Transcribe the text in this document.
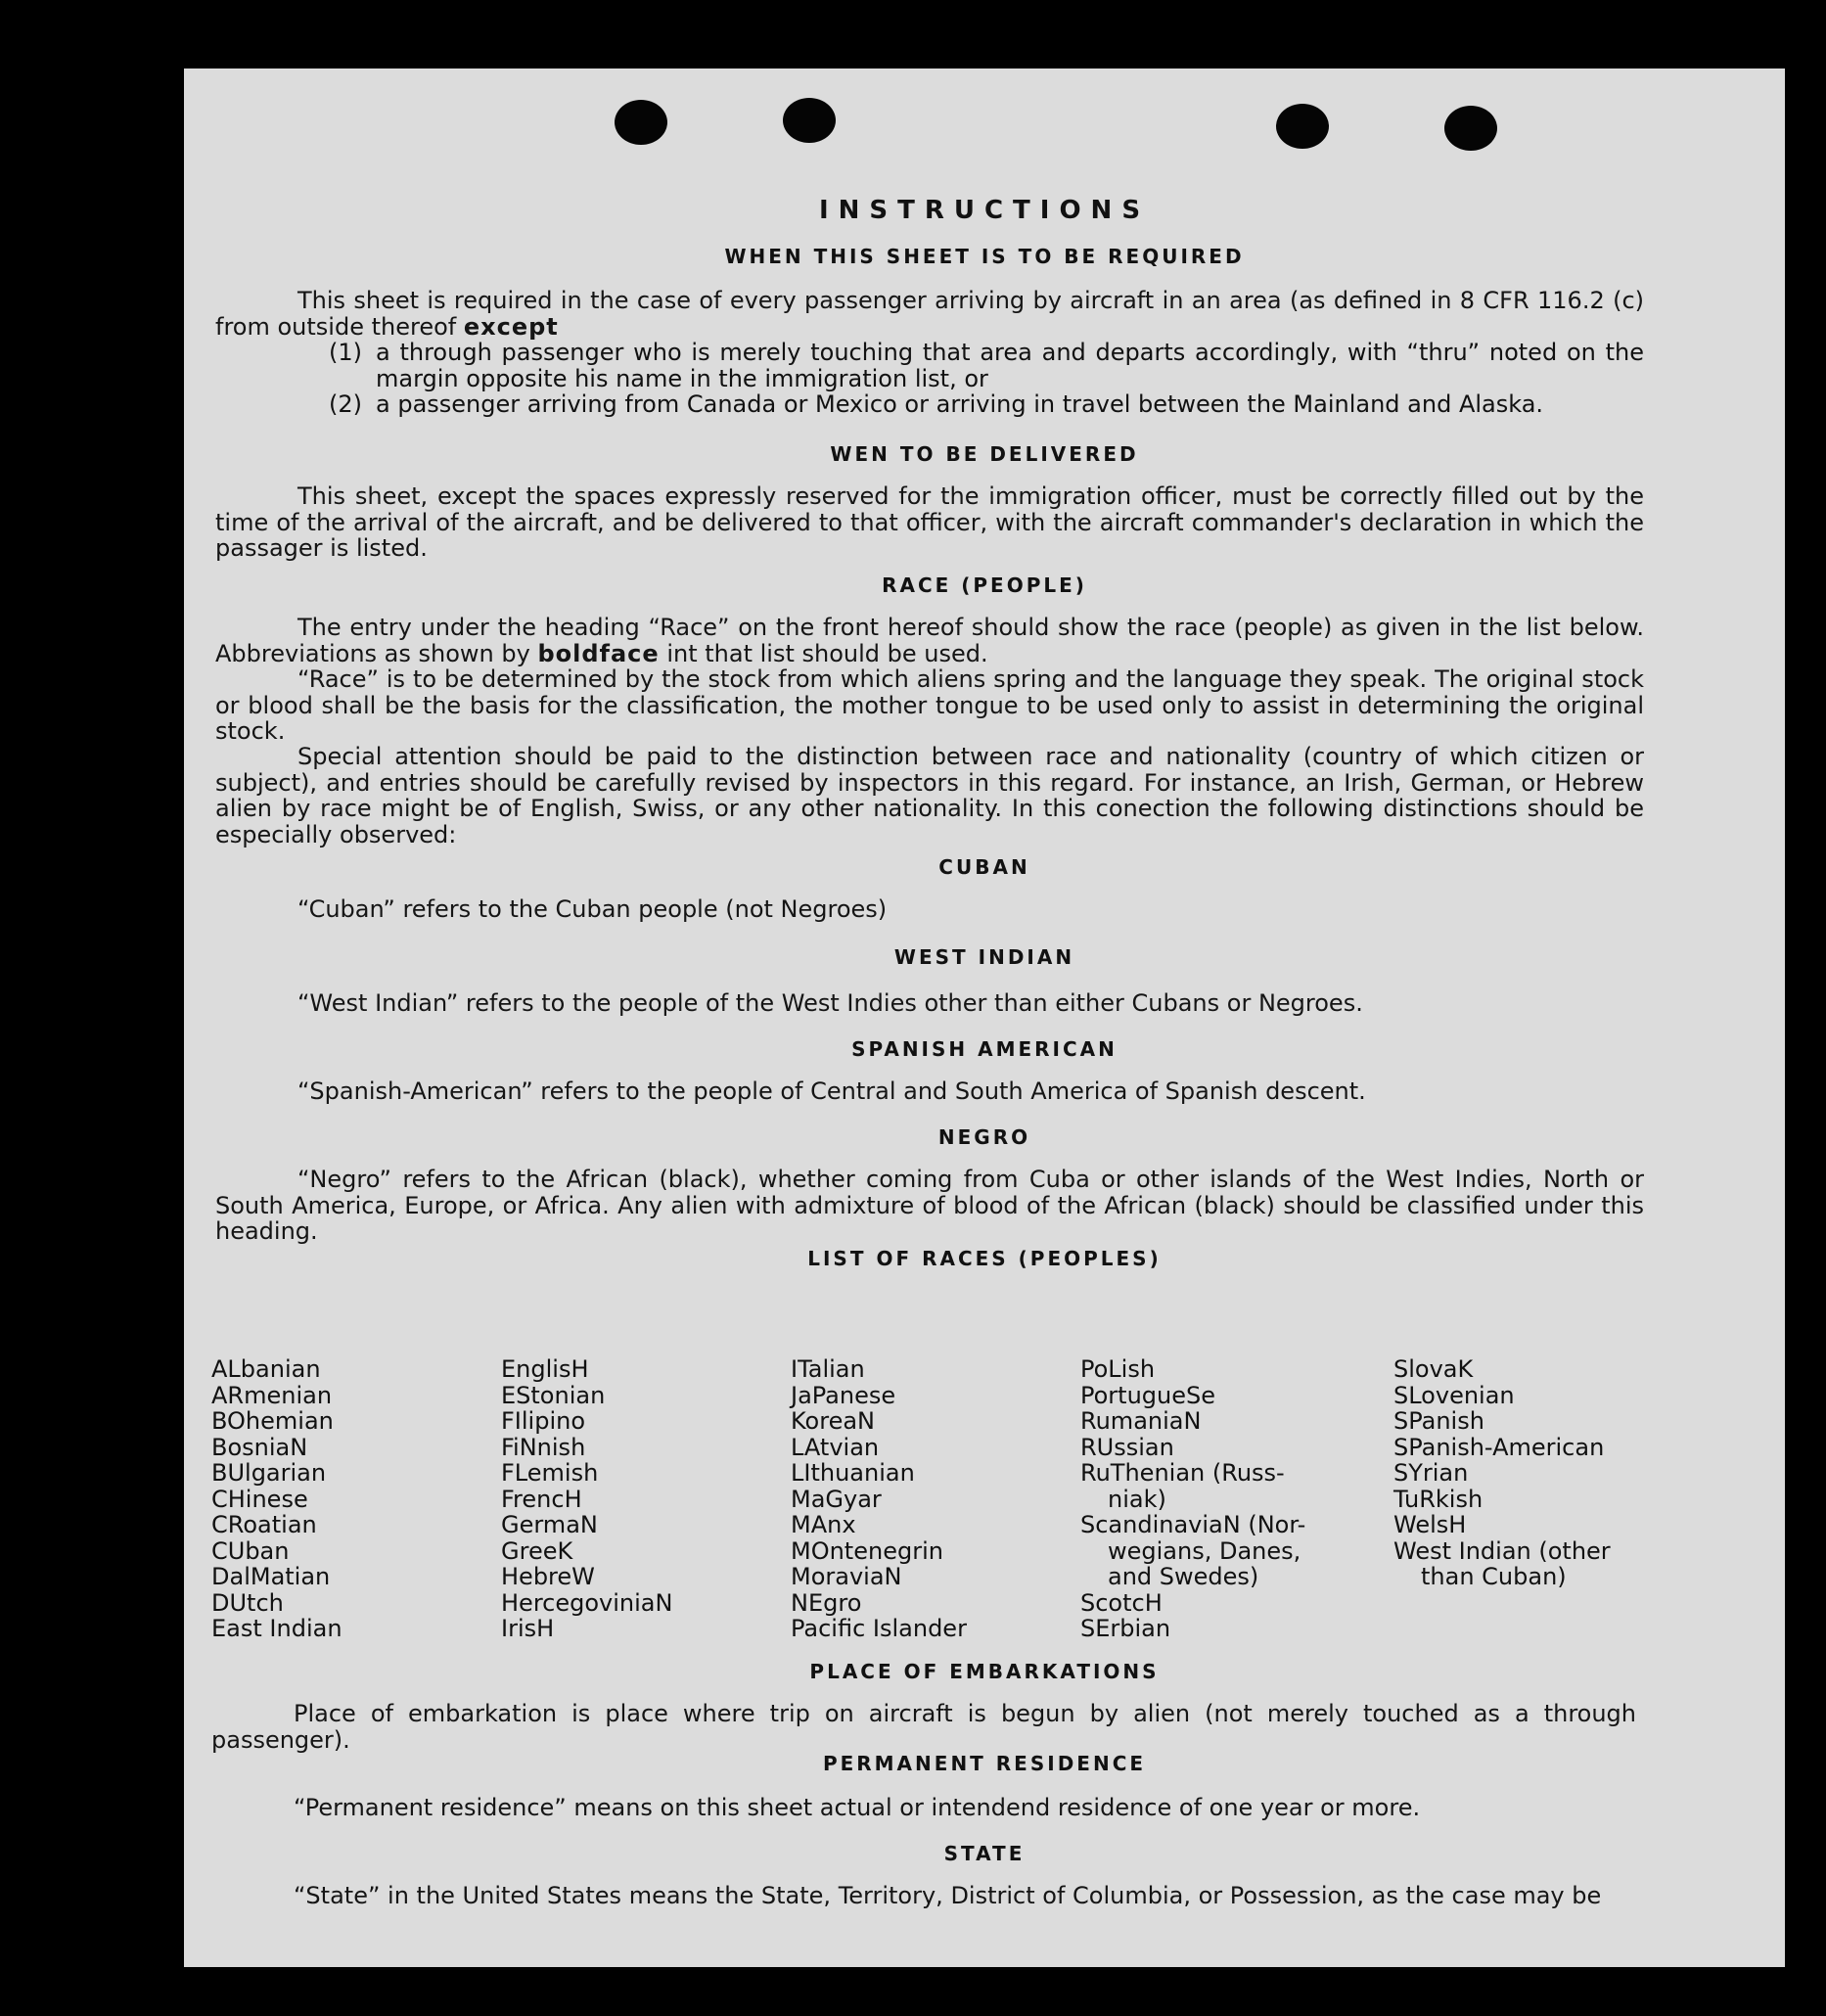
INSTRUCTIONS
WHEN THIS SHEET IS TO BE REQUIRED

This sheet is required in the case of every passenger arriving by aircraft in an area (as defined in 8 CFR 116.2 (c) from outside thereof except

(1) a through passenger who is merely touching that area and departs accordingly, with “thru” noted on the margin opposite his name in the immigration list, or
(2) a passenger arriving from Canada or Mexico or arriving in travel between the Mainland and Alaska.
WEN TO BE DELIVERED

This sheet, except the spaces expressly reserved for the immigration officer, must be correctly filled out by the time of the arrival of the aircraft, and be delivered to that officer, with the aircraft commander's declaration in which the passager is listed.

RACE (PEOPLE)

The entry under the heading “Race” on the front hereof should show the race (people) as given in the list below. Abbreviations as shown by boldface int that list should be used.

“Race” is to be determined by the stock from which aliens spring and the language they speak. The original stock or blood shall be the basis for the classification, the mother tongue to be used only to assist in determining the original stock.

Special attention should be paid to the distinction between race and nationality (country of which citizen or subject), and entries should be carefully revised by inspectors in this regard. For instance, an Irish, German, or Hebrew alien by race might be of English, Swiss, or any other nationality. In this conection the following distinctions should be especially observed:

CUBAN

“Cuban” refers to the Cuban people (not Negroes)

WEST INDIAN

“West Indian” refers to the people of the West Indies other than either Cubans or Negroes.

SPANISH AMERICAN

“Spanish-American” refers to the people of Central and South America of Spanish descent.

NEGRO

“Negro” refers to the African (black), whether coming from Cuba or other islands of the West Indies, North or South America, Europe, or Africa. Any alien with admixture of blood of the African (black) should be classified under this heading.

LIST OF RACES (PEOPLES)
ALbanian
ARmenian
BOhemian
BosniaN
BUlgarian
CHinese
CRoatian
CUban
DalMatian
DUtch
East Indian
EnglisH
EStonian
FIlipino
FiNnish
FLemish
FrencH
GermaN
GreeK
HebreW
HercegoviniaN
IrisH
ITalian
JaPanese
KoreaN
LAtvian
LIthuanian
MaGyar
MAnx
MOntenegrin
MoraviaN
NEgro
Pacific Islander
PoLish
PortugueSe
RumaniaN
RUssian
RuThenian (Russ-
niak)
ScandinaviaN (Nor-
wegians, Danes,
and Swedes)
ScotcH
SErbian
SlovaK
SLovenian
SPanish
SPanish-American
SYrian
TuRkish
WelsH
West Indian (other
than Cuban)
PLACE OF EMBARKATIONS

Place of embarkation is place where trip on aircraft is begun by alien (not merely touched as a through passenger).

PERMANENT RESIDENCE

“Permanent residence” means on this sheet actual or intendend residence of one year or more.

STATE

“State” in the United States means the State, Territory, District of Columbia, or Possession, as the case may be
